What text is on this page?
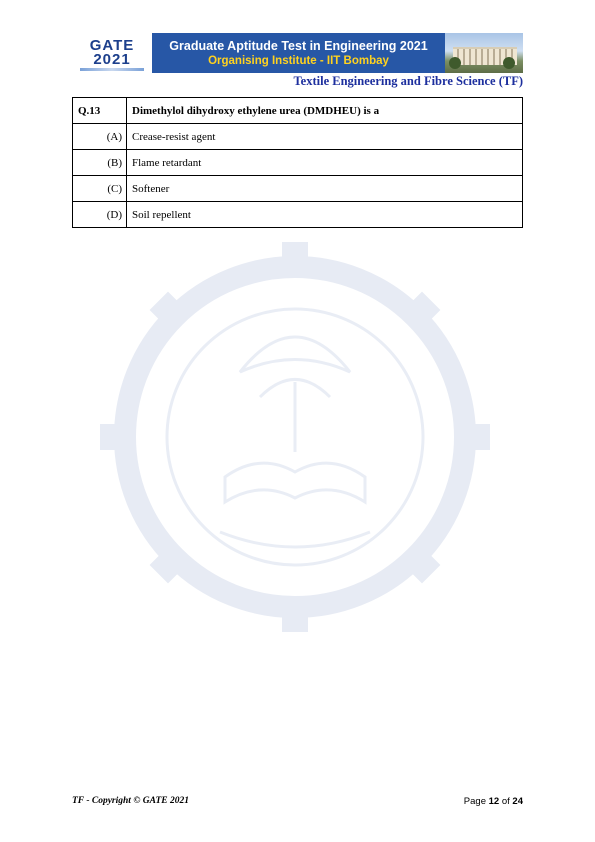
GATE
2021
Graduate Aptitude Test in Engineering 2021
Organising Institute - IIT Bombay
Textile Engineering and Fibre Science (TF)
Q.13	Dimethylol dihydroxy ethylene urea (DMDHEU) is a
(A)	Crease-resist agent
(B)	Flame retardant
(C)	Softener
(D)	Soil repellent
TF - Copyright © GATE 2021	Page 12 of 24
